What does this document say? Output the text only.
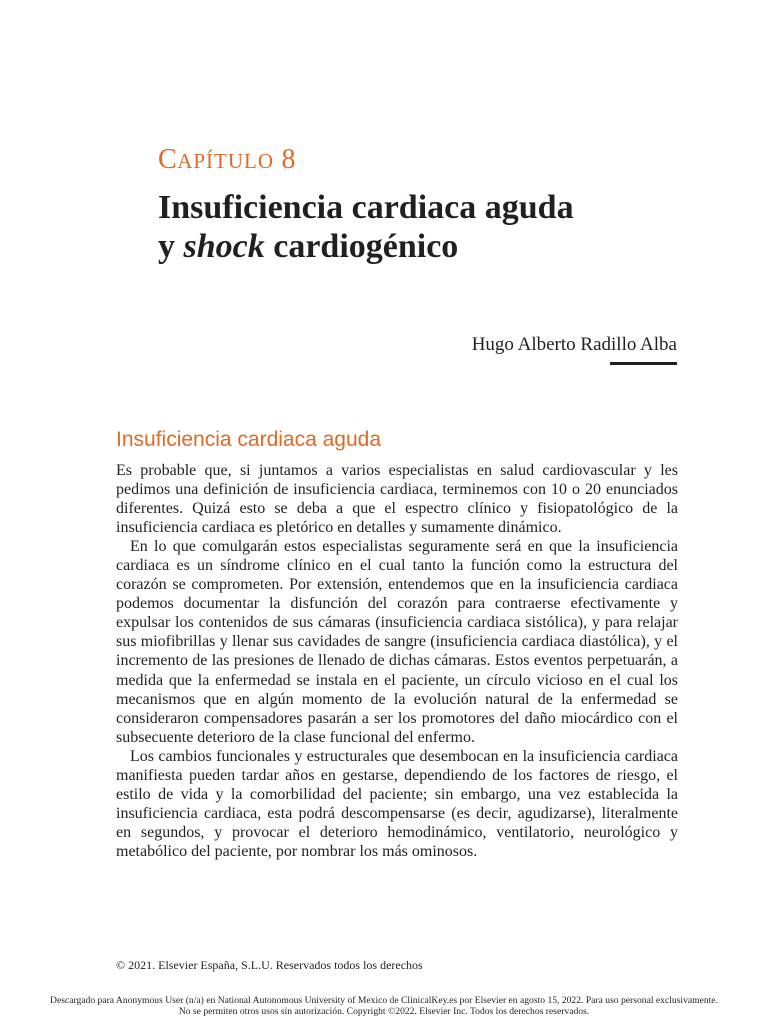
CAPÍTULO 8
Insuficiencia cardiaca aguda
y shock cardiogénico
Hugo Alberto Radillo Alba
Insuficiencia cardiaca aguda

Es probable que, si juntamos a varios especialistas en salud cardiovascular y les pedimos una definición de insuficiencia cardiaca, terminemos con 10 o 20 enunciados diferentes. Quizá esto se deba a que el espectro clínico y fisiopatológico de la insuficiencia cardiaca es pletórico en detalles y sumamente dinámico.

En lo que comulgarán estos especialistas seguramente será en que la insuficiencia cardiaca es un síndrome clínico en el cual tanto la función como la estructura del corazón se comprometen. Por extensión, entendemos que en la insuficiencia cardiaca podemos documentar la disfunción del corazón para contraerse efectivamente y expulsar los contenidos de sus cámaras (insuficiencia cardiaca sistólica), y para relajar sus miofibrillas y llenar sus cavidades de sangre (insuficiencia cardiaca diastólica), y el incremento de las presiones de llenado de dichas cámaras. Estos eventos perpetuarán, a medida que la enfermedad se instala en el paciente, un círculo vicioso en el cual los mecanismos que en algún momento de la evolución natural de la enfermedad se consideraron compensadores pasarán a ser los promotores del daño miocárdico con el subsecuente deterioro de la clase funcional del enfermo.

Los cambios funcionales y estructurales que desembocan en la insuficiencia cardiaca manifiesta pueden tardar años en gestarse, dependiendo de los factores de riesgo, el estilo de vida y la comorbilidad del paciente; sin embargo, una vez establecida la insuficiencia cardiaca, esta podrá descompensarse (es decir, agudizarse), literalmente en segundos, y provocar el deterioro hemodinámico, ventilatorio, neurológico y metabólico del paciente, por nombrar los más ominosos.

© 2021. Elsevier España, S.L.U. Reservados todos los derechos
Descargado para Anonymous User (n/a) en National Autonomous University of Mexico de ClinicalKey.es por Elsevier en agosto 15, 2022. Para uso personal exclusivamente. No se permiten otros usos sin autorización. Copyright ©2022. Elsevier Inc. Todos los derechos reservados.
